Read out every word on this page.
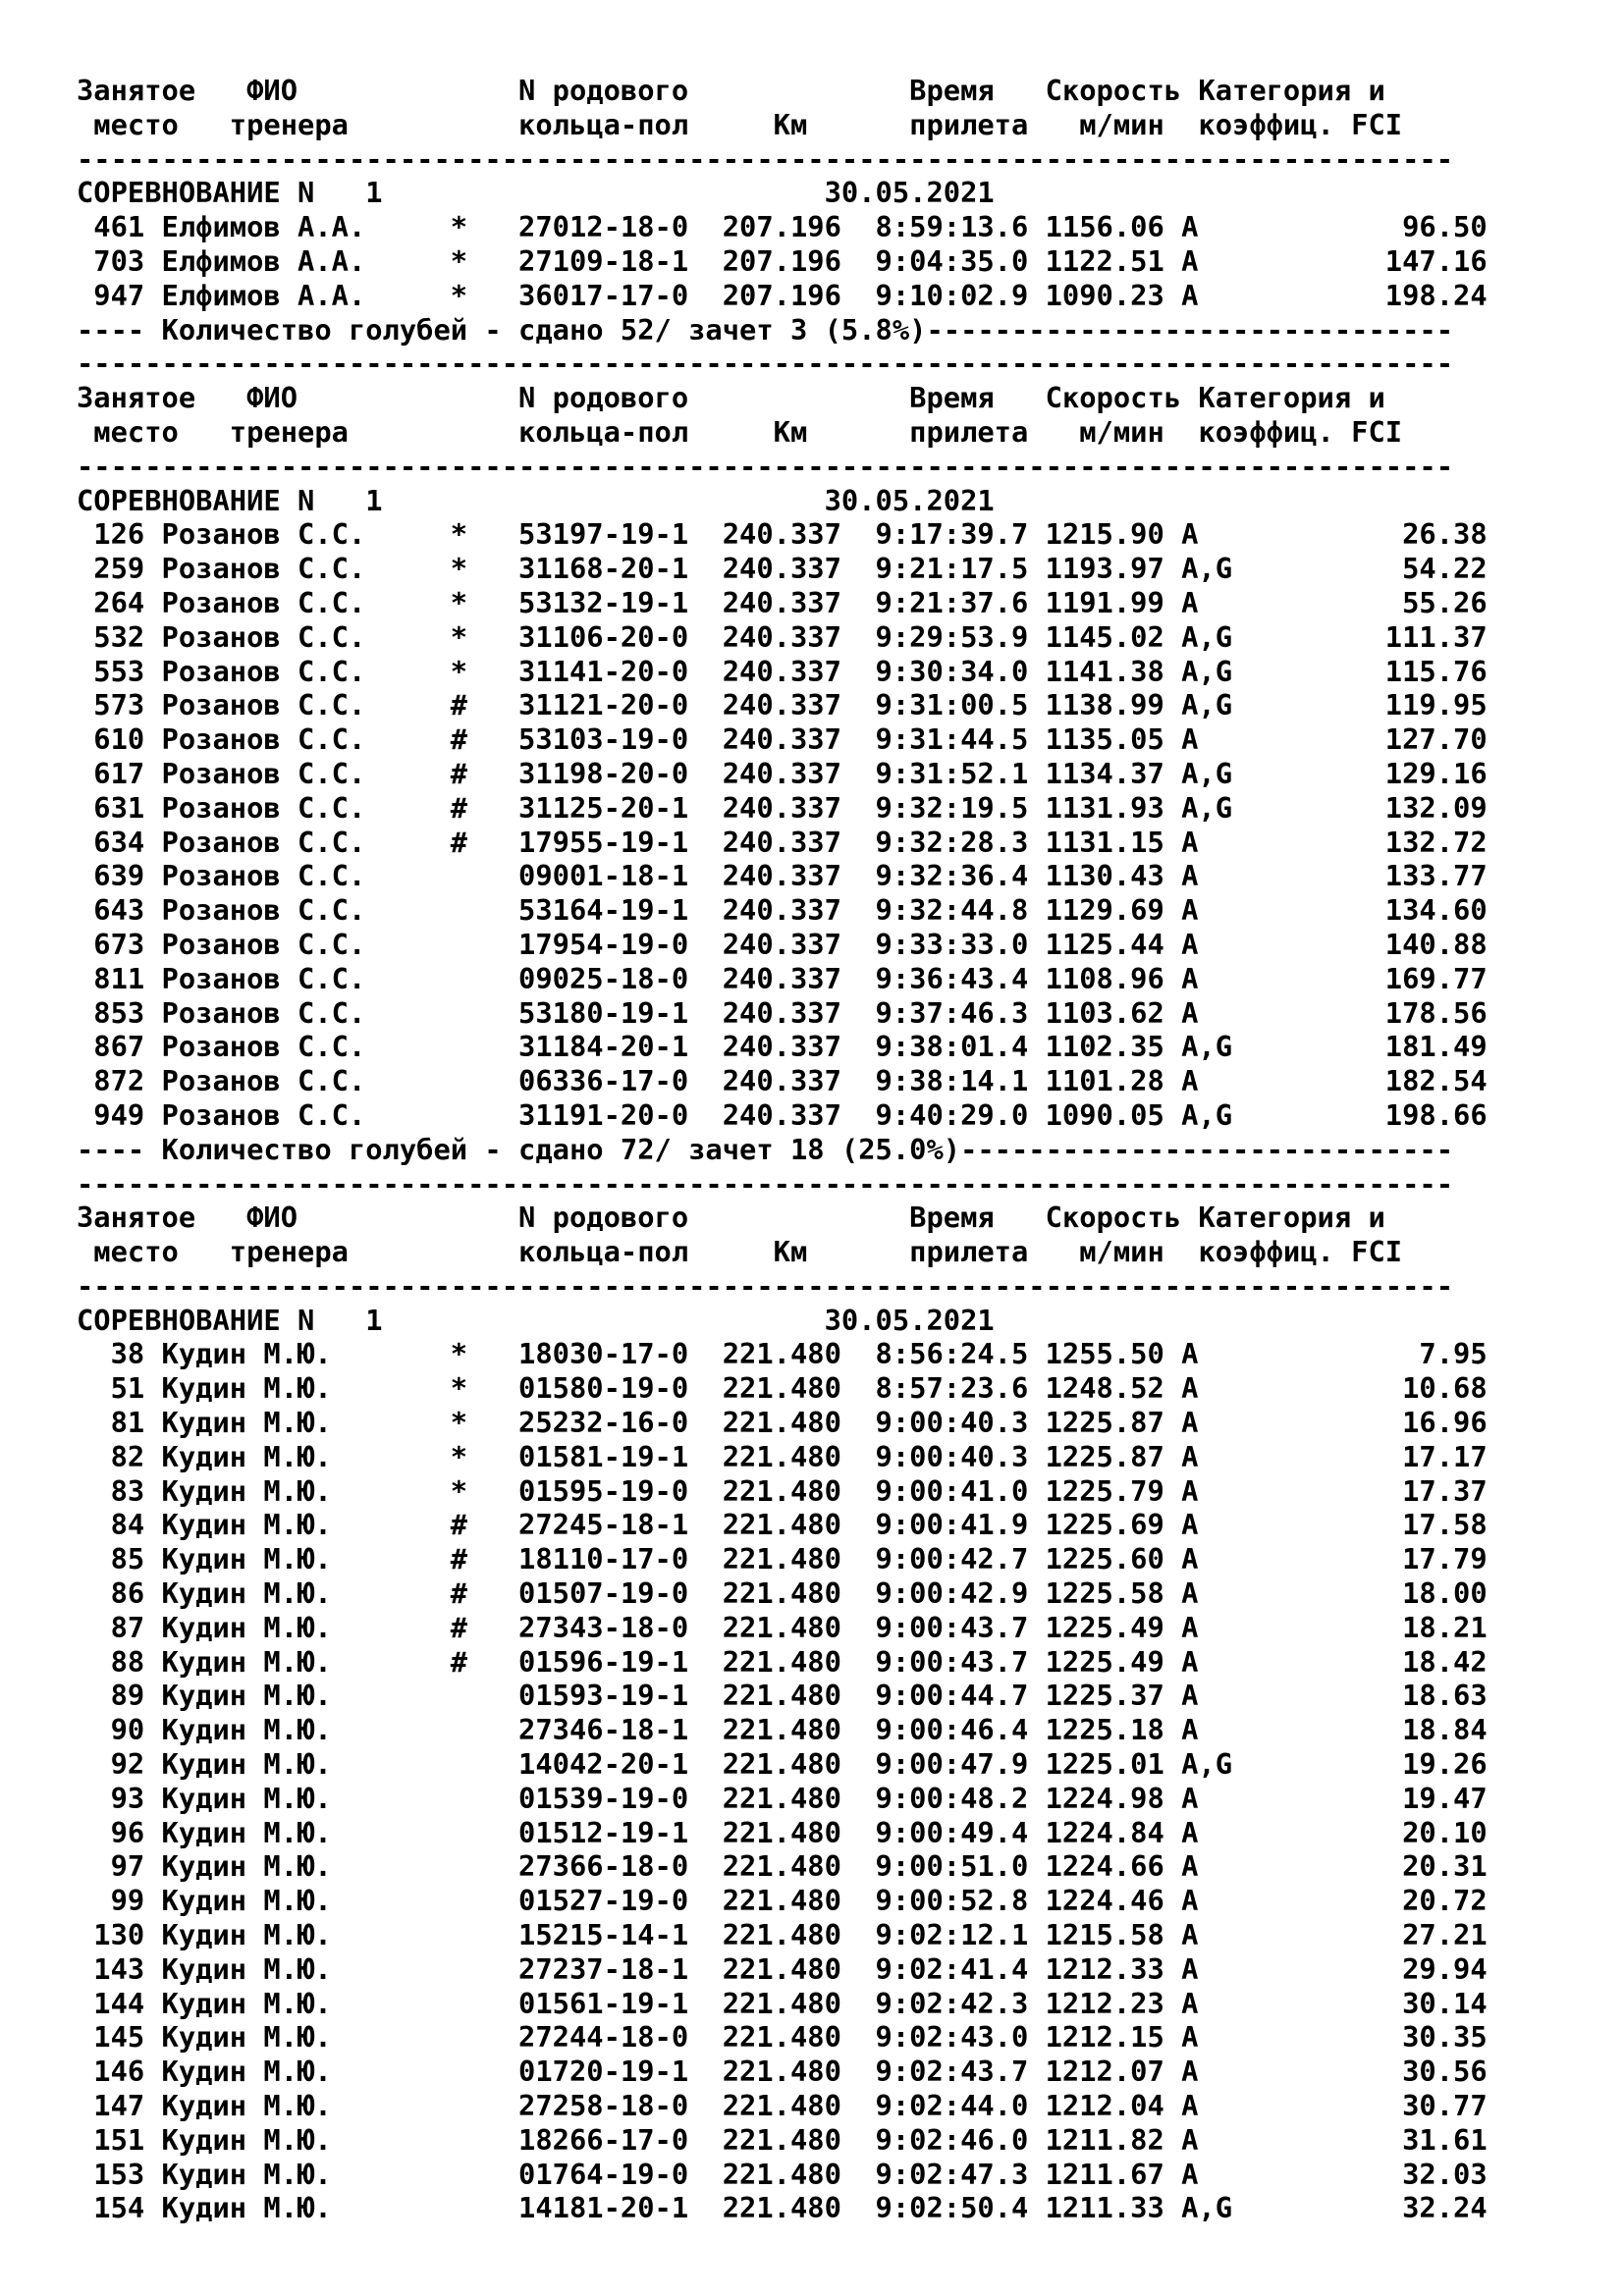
Занятое   ФИО             N родового             Время   Скорость Категория и
место   тренера          кольца-пол     Км      прилета   м/мин  коэффиц. FCI
---------------------------------------------------------------------------------
СОРЕВНОВАНИЕ N   1                          30.05.2021
461 Елфимов А.А.     *   27012-18-0  207.196  8:59:13.6 1156.06 A            96.50
703 Елфимов А.А.     *   27109-18-1  207.196  9:04:35.0 1122.51 A           147.16
947 Елфимов А.А.     *   36017-17-0  207.196  9:10:02.9 1090.23 A           198.24
---- Количество голубей - сдано 52/ зачет 3 (5.8%)-------------------------------
---------------------------------------------------------------------------------
Занятое   ФИО             N родового             Время   Скорость Категория и
место   тренера          кольца-пол     Км      прилета   м/мин  коэффиц. FCI
---------------------------------------------------------------------------------
СОРЕВНОВАНИЕ N   1                          30.05.2021
126 Розанов С.С.     *   53197-19-1  240.337  9:17:39.7 1215.90 A            26.38
259 Розанов С.С.     *   31168-20-1  240.337  9:21:17.5 1193.97 A,G          54.22
264 Розанов С.С.     *   53132-19-1  240.337  9:21:37.6 1191.99 A            55.26
532 Розанов С.С.     *   31106-20-0  240.337  9:29:53.9 1145.02 A,G         111.37
553 Розанов С.С.     *   31141-20-0  240.337  9:30:34.0 1141.38 A,G         115.76
573 Розанов С.С.     #   31121-20-0  240.337  9:31:00.5 1138.99 A,G         119.95
610 Розанов С.С.     #   53103-19-0  240.337  9:31:44.5 1135.05 A           127.70
617 Розанов С.С.     #   31198-20-0  240.337  9:31:52.1 1134.37 A,G         129.16
631 Розанов С.С.     #   31125-20-1  240.337  9:32:19.5 1131.93 A,G         132.09
634 Розанов С.С.     #   17955-19-1  240.337  9:32:28.3 1131.15 A           132.72
639 Розанов С.С.         09001-18-1  240.337  9:32:36.4 1130.43 A           133.77
643 Розанов С.С.         53164-19-1  240.337  9:32:44.8 1129.69 A           134.60
673 Розанов С.С.         17954-19-0  240.337  9:33:33.0 1125.44 A           140.88
811 Розанов С.С.         09025-18-0  240.337  9:36:43.4 1108.96 A           169.77
853 Розанов С.С.         53180-19-1  240.337  9:37:46.3 1103.62 A           178.56
867 Розанов С.С.         31184-20-1  240.337  9:38:01.4 1102.35 A,G         181.49
872 Розанов С.С.         06336-17-0  240.337  9:38:14.1 1101.28 A           182.54
949 Розанов С.С.         31191-20-0  240.337  9:40:29.0 1090.05 A,G         198.66
---- Количество голубей - сдано 72/ зачет 18 (25.0%)-----------------------------
---------------------------------------------------------------------------------
Занятое   ФИО             N родового             Время   Скорость Категория и
место   тренера          кольца-пол     Км      прилета   м/мин  коэффиц. FCI
---------------------------------------------------------------------------------
СОРЕВНОВАНИЕ N   1                          30.05.2021
38 Кудин М.Ю.       *   18030-17-0  221.480  8:56:24.5 1255.50 A             7.95
51 Кудин М.Ю.       *   01580-19-0  221.480  8:57:23.6 1248.52 A            10.68
81 Кудин М.Ю.       *   25232-16-0  221.480  9:00:40.3 1225.87 A            16.96
82 Кудин М.Ю.       *   01581-19-1  221.480  9:00:40.3 1225.87 A            17.17
83 Кудин М.Ю.       *   01595-19-0  221.480  9:00:41.0 1225.79 A            17.37
84 Кудин М.Ю.       #   27245-18-1  221.480  9:00:41.9 1225.69 A            17.58
85 Кудин М.Ю.       #   18110-17-0  221.480  9:00:42.7 1225.60 A            17.79
86 Кудин М.Ю.       #   01507-19-0  221.480  9:00:42.9 1225.58 A            18.00
87 Кудин М.Ю.       #   27343-18-0  221.480  9:00:43.7 1225.49 A            18.21
88 Кудин М.Ю.       #   01596-19-1  221.480  9:00:43.7 1225.49 A            18.42
89 Кудин М.Ю.           01593-19-1  221.480  9:00:44.7 1225.37 A            18.63
90 Кудин М.Ю.           27346-18-1  221.480  9:00:46.4 1225.18 A            18.84
92 Кудин М.Ю.           14042-20-1  221.480  9:00:47.9 1225.01 A,G          19.26
93 Кудин М.Ю.           01539-19-0  221.480  9:00:48.2 1224.98 A            19.47
96 Кудин М.Ю.           01512-19-1  221.480  9:00:49.4 1224.84 A            20.10
97 Кудин М.Ю.           27366-18-0  221.480  9:00:51.0 1224.66 A            20.31
99 Кудин М.Ю.           01527-19-0  221.480  9:00:52.8 1224.46 A            20.72
130 Кудин М.Ю.           15215-14-1  221.480  9:02:12.1 1215.58 A            27.21
143 Кудин М.Ю.           27237-18-1  221.480  9:02:41.4 1212.33 A            29.94
144 Кудин М.Ю.           01561-19-1  221.480  9:02:42.3 1212.23 A            30.14
145 Кудин М.Ю.           27244-18-0  221.480  9:02:43.0 1212.15 A            30.35
146 Кудин М.Ю.           01720-19-1  221.480  9:02:43.7 1212.07 A            30.56
147 Кудин М.Ю.           27258-18-0  221.480  9:02:44.0 1212.04 A            30.77
151 Кудин М.Ю.           18266-17-0  221.480  9:02:46.0 1211.82 A            31.61
153 Кудин М.Ю.           01764-19-0  221.480  9:02:47.3 1211.67 A            32.03
154 Кудин М.Ю.           14181-20-1  221.480  9:02:50.4 1211.33 A,G          32.24
